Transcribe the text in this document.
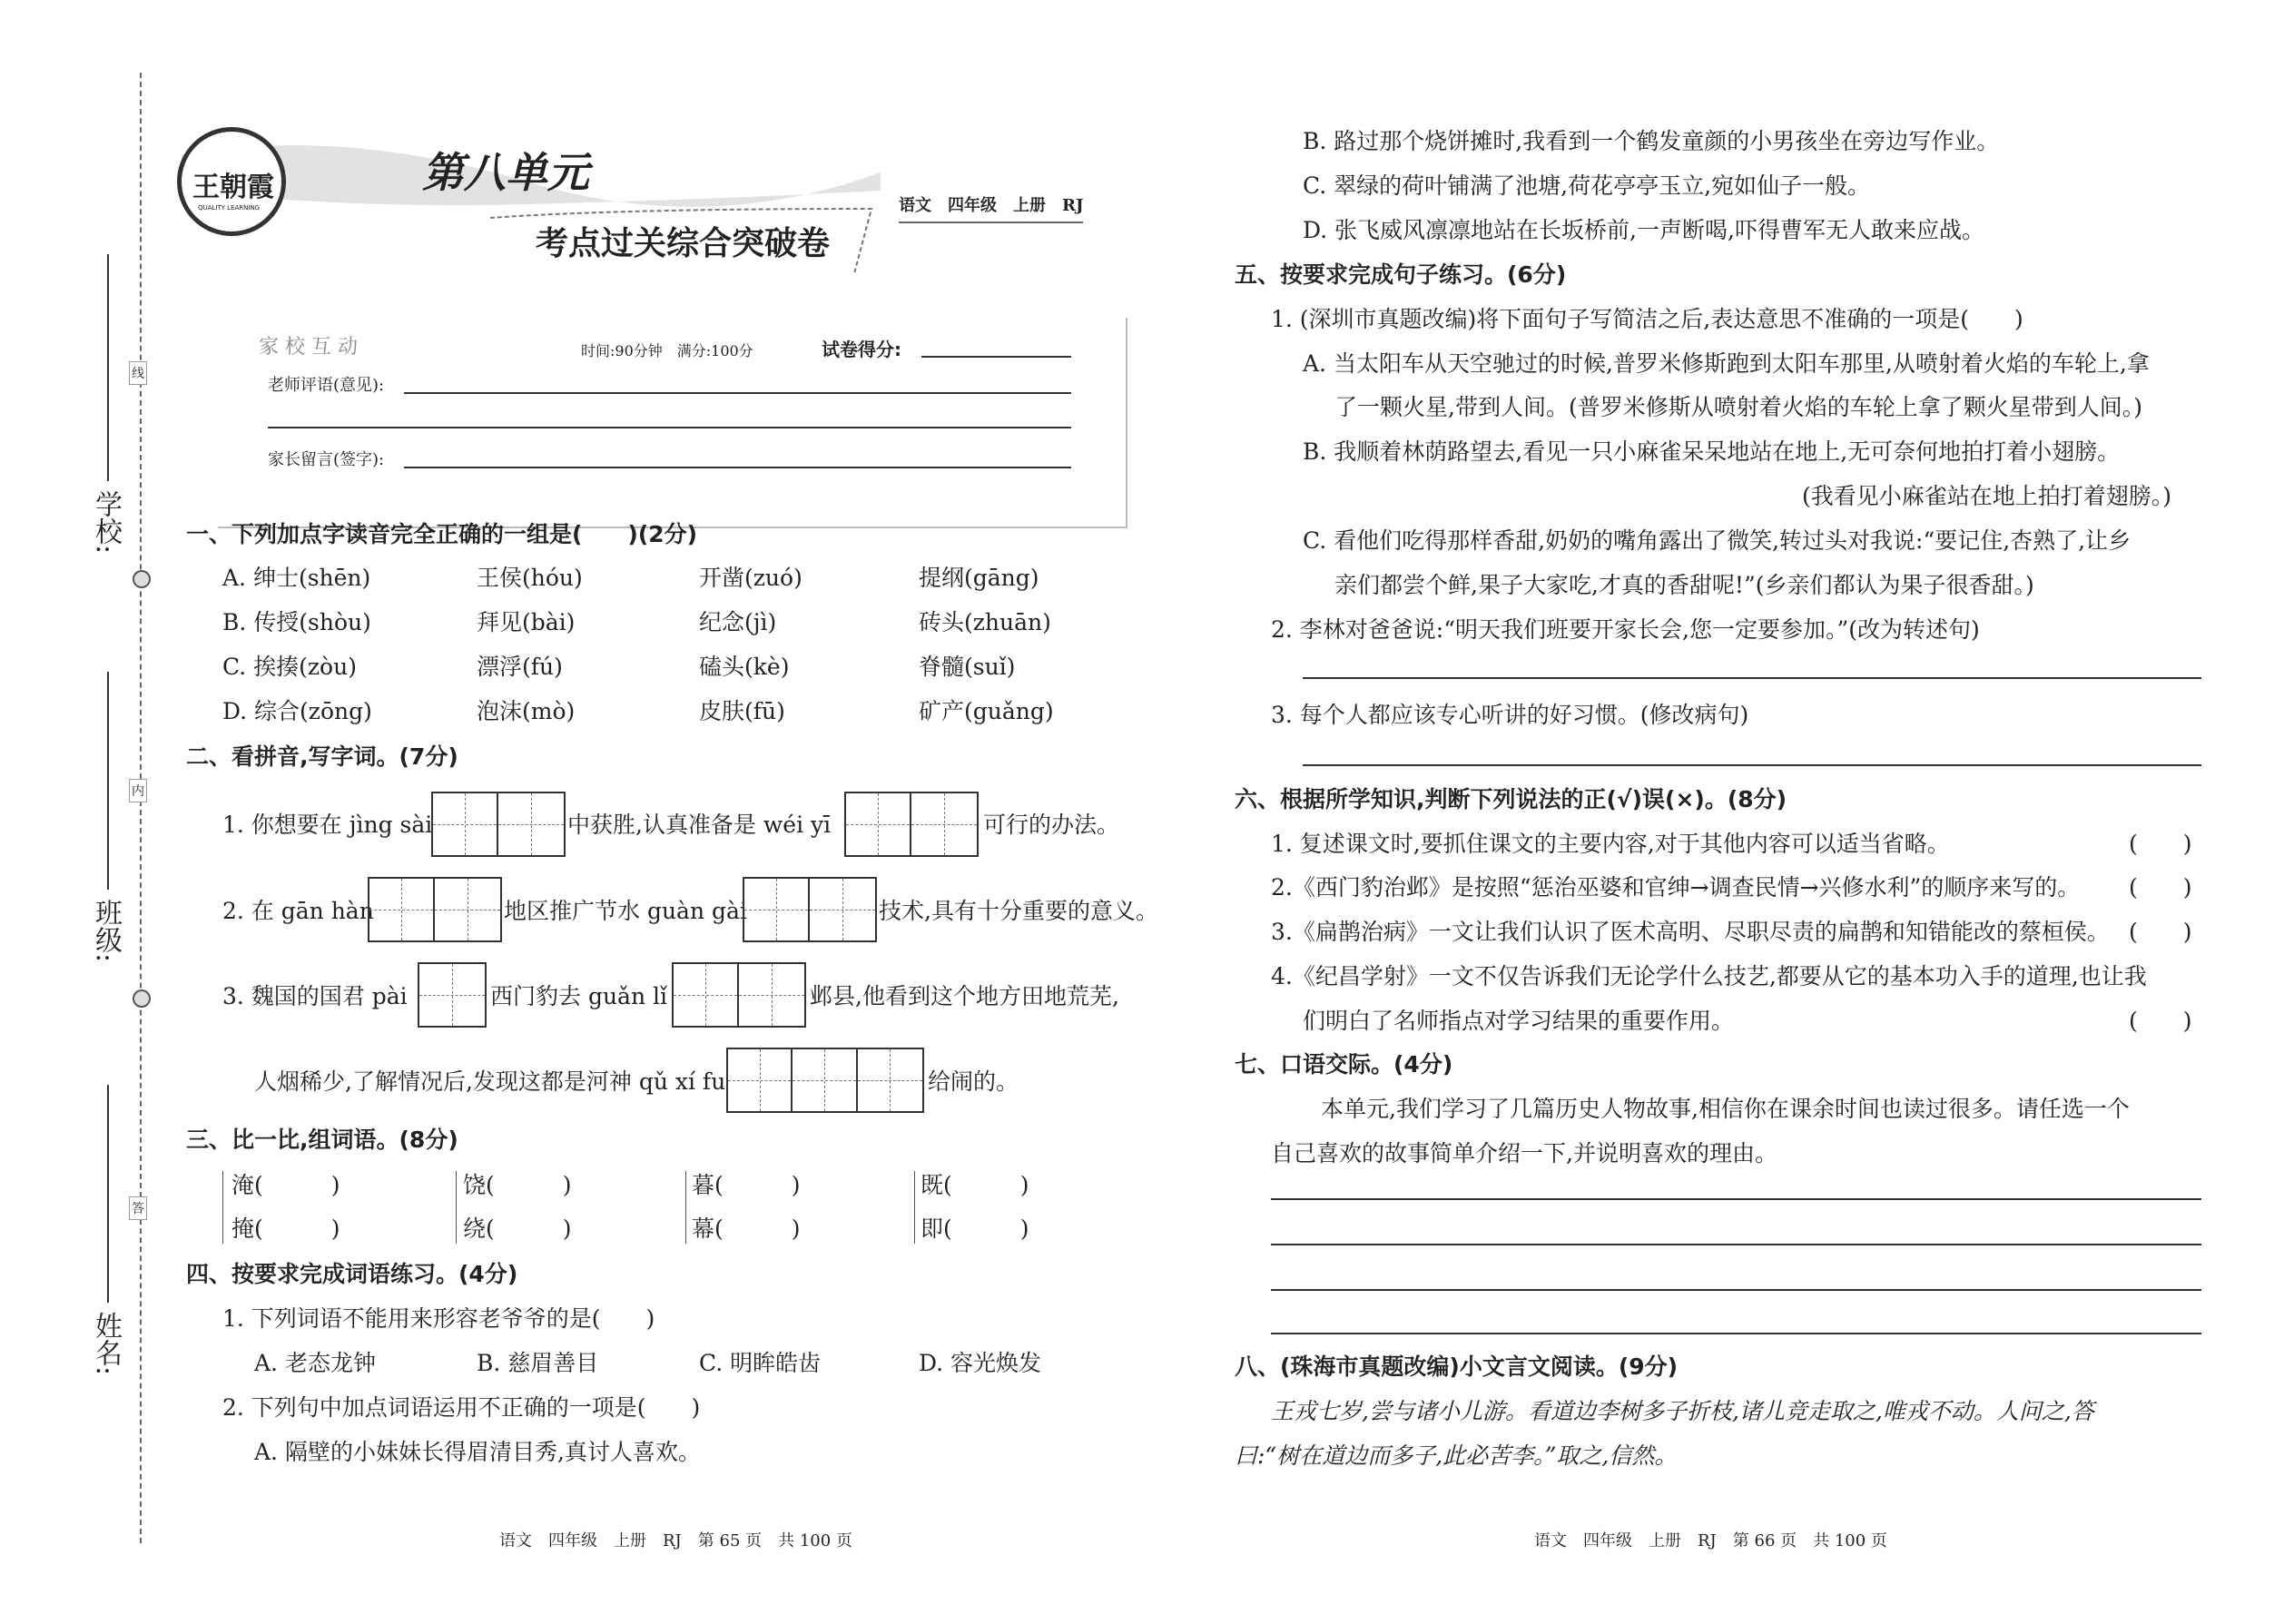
学校:
班级:
姓名:
线
内
答
王朝霞
QUALITY LEARNING
第八单元
考点过关综合突破卷
语文　四年级　上册　RJ
家 校 互 动	时间:90分钟　满分:100分	试卷得分:
老师评语(意见):
家长留言(签字):
一、下列加点字读音完全正确的一组是(　　)(2分)
A. 绅士(shēn)	王侯(hóu)	开凿(zuó)	提纲(gāng)
B. 传授(shòu)	拜见(bài)	纪念(jì)	砖头(zhuān)
C. 挨揍(zòu)	漂浮(fú)	磕头(kè)	脊髓(suǐ)
D. 综合(zōng)	泡沫(mò)	皮肤(fū)	矿产(guǎng)
二、看拼音,写字词。(7分)
1. 你想要在 jìng sài	中获胜,认真准备是 wéi yī	可行的办法。
2. 在 gān hàn	地区推广节水 guàn gài	技术,具有十分重要的意义。
3. 魏国的国君 pài	西门豹去 guǎn lǐ	邺县,他看到这个地方田地荒芜,
人烟稀少,了解情况后,发现这都是河神 qǔ xí fu	给闹的。
三、比一比,组词语。(8分)
淹(　　　)	饶(　　　)	暮(　　　)	既(　　　)
掩(　　　)	绕(　　　)	幕(　　　)	即(　　　)
四、按要求完成词语练习。(4分)
1. 下列词语不能用来形容老爷爷的是(　　)
A. 老态龙钟	B. 慈眉善目	C. 明眸皓齿	D. 容光焕发
2. 下列句中加点词语运用不正确的一项是(　　)
A. 隔壁的小妹妹长得眉清目秀,真讨人喜欢。
语文　四年级　上册　RJ　第 65 页　共 100 页
B. 路过那个烧饼摊时,我看到一个鹤发童颜的小男孩坐在旁边写作业。
C. 翠绿的荷叶铺满了池塘,荷花亭亭玉立,宛如仙子一般。
D. 张飞威风凛凛地站在长坂桥前,一声断喝,吓得曹军无人敢来应战。
五、按要求完成句子练习。(6分)
1. (深圳市真题改编)将下面句子写简洁之后,表达意思不准确的一项是(　　)
A. 当太阳车从天空驰过的时候,普罗米修斯跑到太阳车那里,从喷射着火焰的车轮上,拿
了一颗火星,带到人间。(普罗米修斯从喷射着火焰的车轮上拿了颗火星带到人间。)
B. 我顺着林荫路望去,看见一只小麻雀呆呆地站在地上,无可奈何地拍打着小翅膀。
(我看见小麻雀站在地上拍打着翅膀。)
C. 看他们吃得那样香甜,奶奶的嘴角露出了微笑,转过头对我说:“要记住,杏熟了,让乡
亲们都尝个鲜,果子大家吃,才真的香甜呢!”(乡亲们都认为果子很香甜。)
2. 李林对爸爸说:“明天我们班要开家长会,您一定要参加。”(改为转述句)
3. 每个人都应该专心听讲的好习惯。(修改病句)
六、根据所学知识,判断下列说法的正(√)误(×)。(8分)
1. 复述课文时,要抓住课文的主要内容,对于其他内容可以适当省略。	(　　)
2.《西门豹治邺》是按照“惩治巫婆和官绅→调查民情→兴修水利”的顺序来写的。 (　　)
3.《扁鹊治病》一文让我们认识了医术高明、尽职尽责的扁鹊和知错能改的蔡桓侯。 (　　)
4.《纪昌学射》一文不仅告诉我们无论学什么技艺,都要从它的基本功入手的道理,也让我
们明白了名师指点对学习结果的重要作用。	(　　)
七、口语交际。(4分)
本单元,我们学习了几篇历史人物故事,相信你在课余时间也读过很多。请任选一个
自己喜欢的故事简单介绍一下,并说明喜欢的理由。
八、(珠海市真题改编)小文言文阅读。(9分)
王戎七岁,尝与诸小儿游。看道边李树多子折枝,诸儿竞走取之,唯戎不动。人问之,答
曰:“树在道边而多子,此必苦李。”取之,信然。
语文　四年级　上册　RJ　第 66 页　共 100 页
